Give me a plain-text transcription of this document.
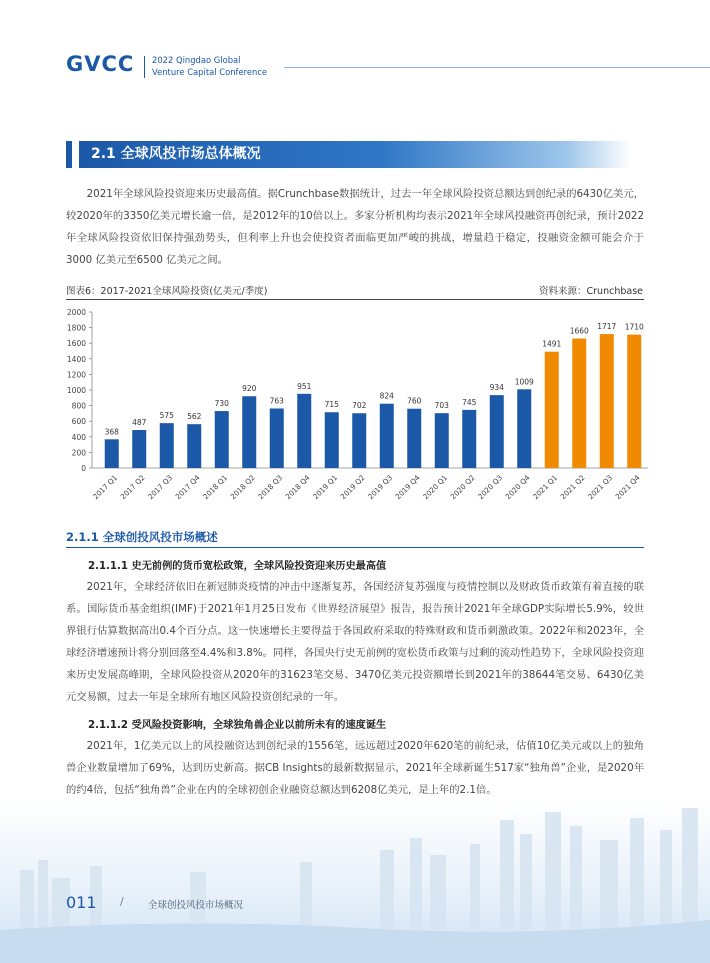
GVCC 2022 Qingdao Global
Venture Capital Conference
2.1 全球风投市场总体概况
2021年全球风险投资迎来历史最高值。据Crunchbase数据统计，过去一年全球风险投资总额达到创纪录的6430亿美元，较2020年的3350亿美元增长逾一倍，是2012年的10倍以上。多家分析机构均表示2021年全球风投融资再创纪录，预计2022年全球风险投资依旧保持强劲势头，但利率上升也会使投资者面临更加严峻的挑战，增量趋于稳定，投融资金额可能会介于3000 亿美元至6500 亿美元之间。
图表6：2017-2021全球风险投资(亿美元/季度)	资料来源：Crunchbase
0
200
400
600
800
1000
1200
1400
1600
1800
2000
368
2017 Q1
487
2017 Q2
575
2017 Q3
562
2017 Q4
730
2018 Q1
920
2018 Q2
763
2018 Q3
951
2018 Q4
715
2019 Q1
702
2019 Q2
824
2019 Q3
760
2019 Q4
703
2020 Q1
745
2020 Q2
934
2020 Q3
1009
2020 Q4
1491
2021 Q1
1660
2021 Q2
1717
2021 Q3
1710
2021 Q4
2.1.1 全球创投风投市场概述
2.1.1.1 史无前例的货币宽松政策，全球风险投资迎来历史最高值
2021年，全球经济依旧在新冠肺炎疫情的冲击中逐渐复苏，各国经济复苏强度与疫情控制以及财政货币政策有着直接的联系。国际货币基金组织(IMF)于2021年1月25日发布《世界经济展望》报告，报告预计2021年全球GDP实际增长5.9%，较世界银行估算数据高出0.4个百分点。这一快速增长主要得益于各国政府采取的特殊财政和货币刺激政策。2022年和2023年，全球经济增速预计将分别回落至4.4%和3.8%。同样，各国央行史无前例的宽松货币政策与过剩的流动性趋势下，全球风险投资迎来历史发展高峰期，全球风险投资从2020年的31623笔交易、3470亿美元投资额增长到2021年的38644笔交易、6430亿美元交易额，过去一年是全球所有地区风险投资创纪录的一年。
2.1.1.2 受风险投资影响，全球独角兽企业以前所未有的速度诞生
2021年，1亿美元以上的风投融资达到创纪录的1556笔，远远超过2020年620笔的前纪录，估值10亿美元或以上的独角兽企业数量增加了69%，达到历史新高。据CB Insights的最新数据显示，2021年全球新诞生517家“独角兽”企业，是2020年的约4倍，包括“独角兽”企业在内的全球初创企业融资总额达到6208亿美元，是上年的2.1倍。
011 /	全球创投风投市场概况
